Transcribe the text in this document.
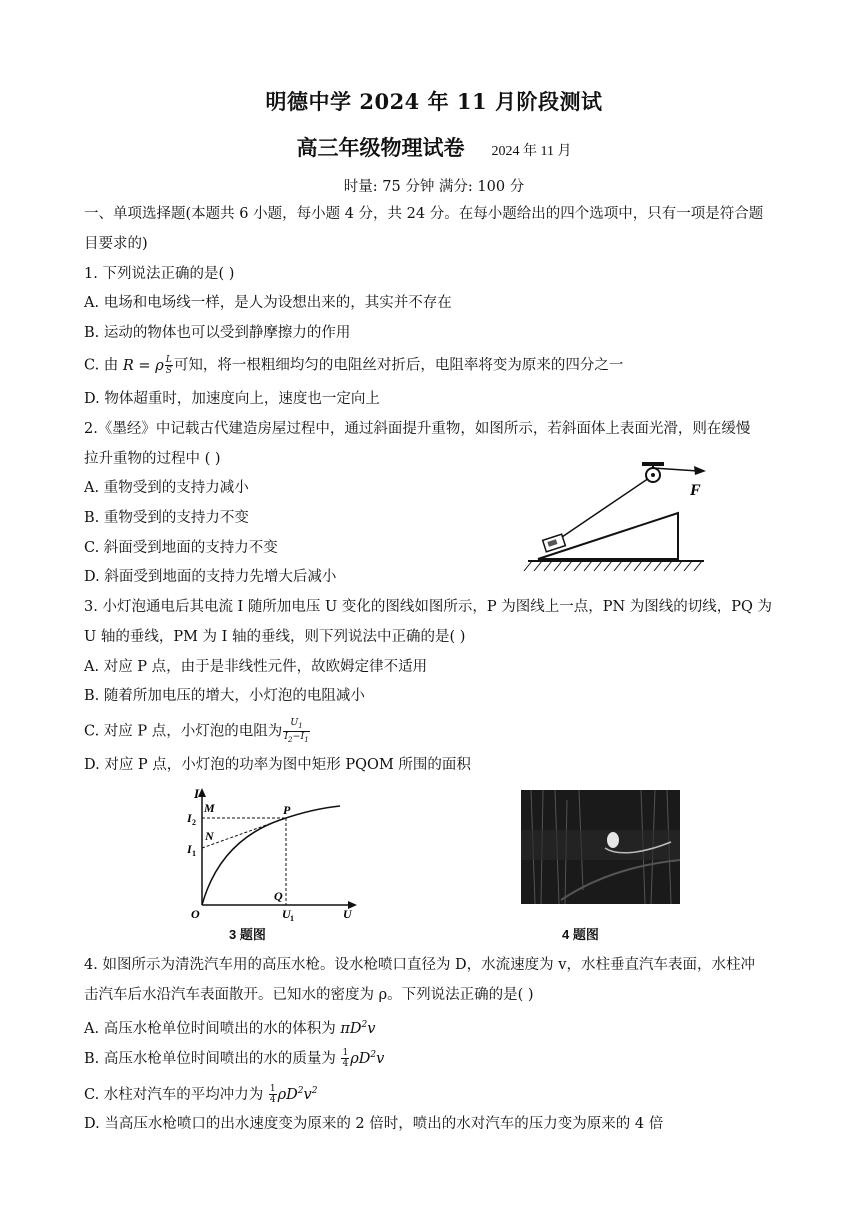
明德中学 2024 年 11 月阶段测试
高三年级物理试卷 2024 年 11 月
时量: 75 分钟 满分: 100 分
一、单项选择题(本题共 6 小题，每小题 4 分，共 24 分。在每小题给出的四个选项中，只有一项是符合题
目要求的)
1. 下列说法正确的是( )
A. 电场和电场线一样，是人为设想出来的，其实并不存在
B. 运动的物体也可以受到静摩擦力的作用
C. 由 R = ρ $\frac{L}{S}$ 可知，将一根粗细均匀的电阻丝对折后，电阻率将变为原来的四分之一
D. 物体超重时，加速度向上，速度也一定向上
2.《墨经》中记载古代建造房屋过程中，通过斜面提升重物，如图所示，若斜面体上表面光滑，则在缓慢
拉升重物的过程中 ( )
A. 重物受到的支持力减小
B. 重物受到的支持力不变
C. 斜面受到地面的支持力不变
D. 斜面受到地面的支持力先增大后减小
F
3. 小灯泡通电后其电流 I 随所加电压 U 变化的图线如图所示，P 为图线上一点，PN 为图线的切线，PQ 为
U 轴的垂线，PM 为 I 轴的垂线，则下列说法中正确的是( )
A. 对应 P 点，由于是非线性元件，故欧姆定律不适用
B. 随着所加电压的增大，小灯泡的电阻减小
C. 对应 P 点，小灯泡的电阻为 $\frac{U_1}{I_2-I_1}$
D. 对应 P 点，小灯泡的功率为图中矩形 PQOM 所围的面积
I
M	P
I 2
N
I 1
O
Q
U 1	U
3 题图	4 题图
4. 如图所示为清洗汽车用的高压水枪。设水枪喷口直径为 D，水流速度为 v，水柱垂直汽车表面，水柱冲
击汽车后水沿汽车表面散开。已知水的密度为 ρ。下列说法正确的是( )
A. 高压水枪单位时间喷出的水的体积为 $\pi D^2v$
B. 高压水枪单位时间喷出的水的质量为 $\frac{1}{4} \rho D^2v$
C. 水柱对汽车的平均冲力为 $\frac{1}{4} \rho D^2v^2$
D. 当高压水枪喷口的出水速度变为原来的 2 倍时，喷出的水对汽车的压力变为原来的 4 倍
